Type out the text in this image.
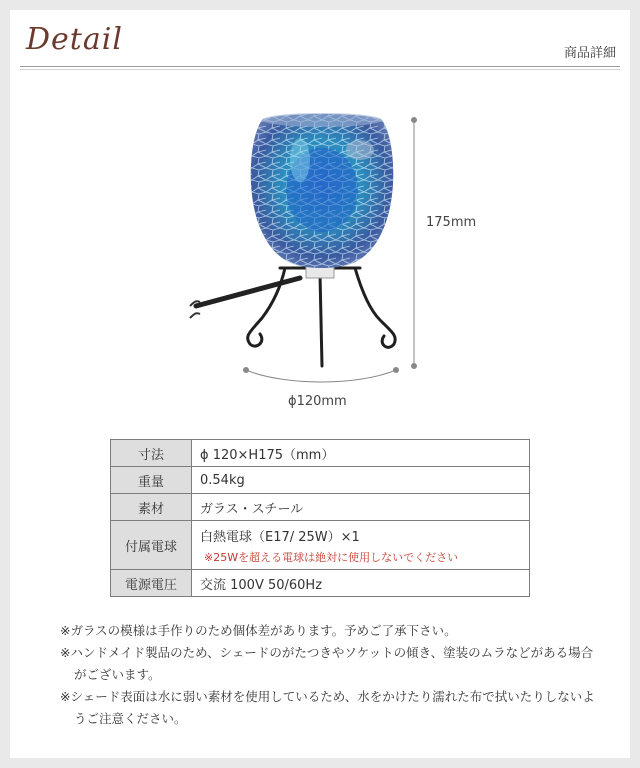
Detail	商品詳細
175mm
ϕ120mm
寸法	ϕ 120×H175（mm）
重量	0.54kg
素材	ガラス・スチール
付属電球	白熱電球（E17/ 25W）×1
※25Wを超える電球は絶対に使用しないでください

電源電圧	交流 100V 50/60Hz

※ガラスの模様は手作りのため個体差があります。予めご了承下さい。

※ハンドメイド製品のため、シェードのがたつきやソケットの傾き、塗装のムラなどがある場合がございます。

※シェード表面は水に弱い素材を使用しているため、水をかけたり濡れた布で拭いたりしないようご注意ください。
